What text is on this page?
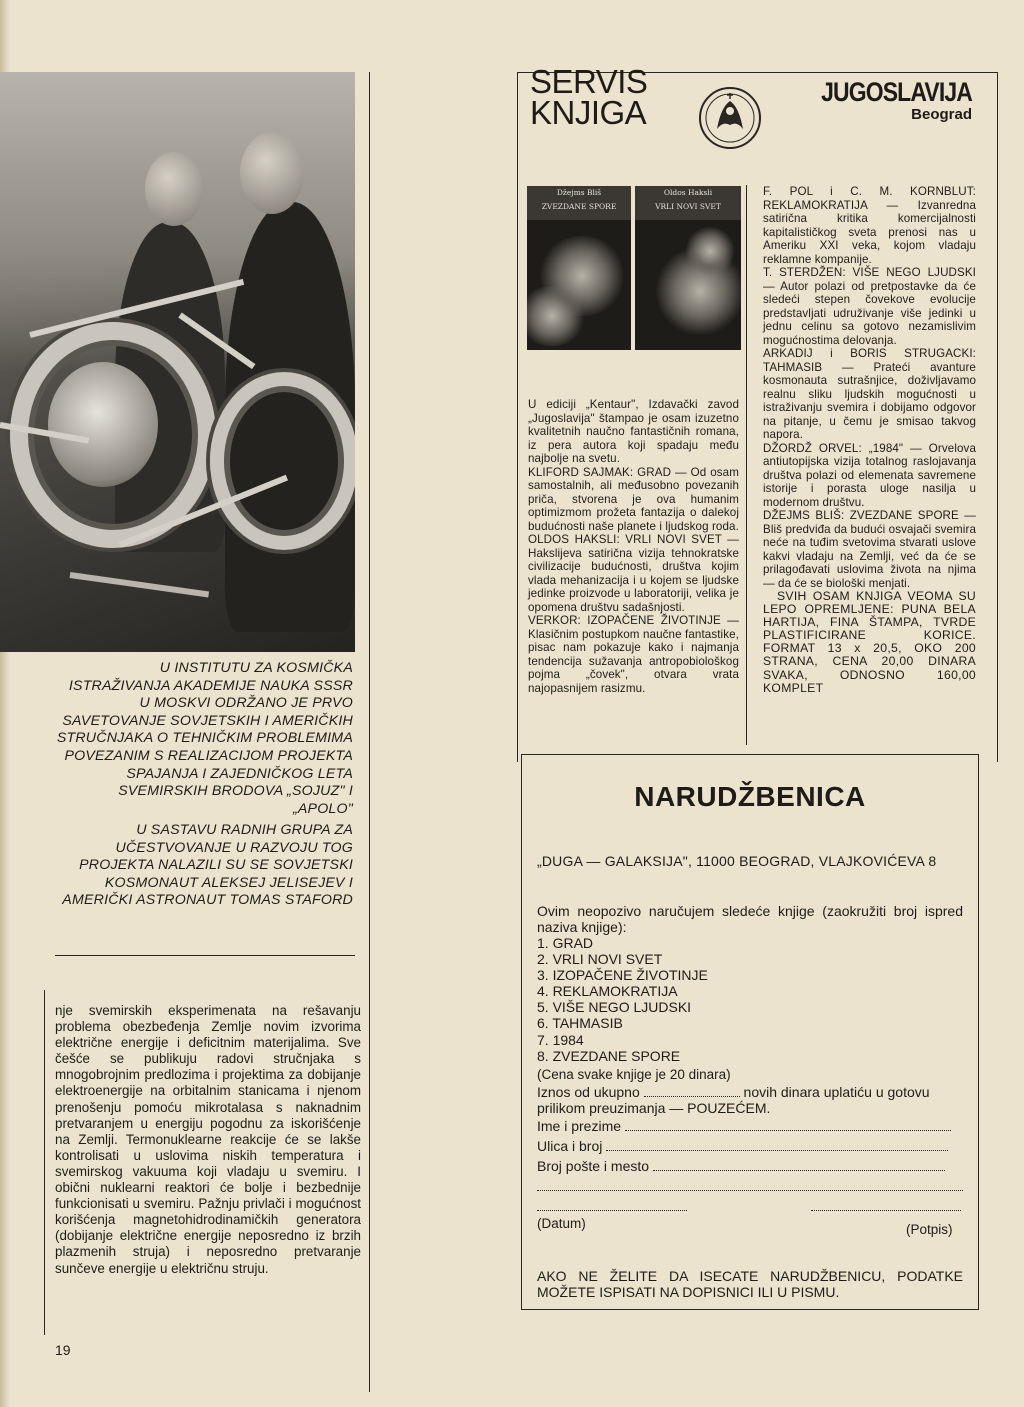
U INSTITUTU ZA KOSMIČKA ISTRAŽIVANJA AKADEMIJE NAUKA SSSR U MOSKVI ODRŽANO JE PRVO SAVETOVANJE SOVJETSKIH I AMERIČKIH STRUČNJAKA O TEHNIČKIM PROBLEMIMA POVEZANIM S REALIZACIJOM PROJEKTA SPAJANJA I ZAJEDNIČKOG LETA SVEMIRSKIH BRODOVA „SOJUZ" I „APOLO"
U SASTAVU RADNIH GRUPA ZA UČESTVOVANJE U RAZVOJU TOG PROJEKTA NALAZILI SU SE SOVJETSKI KOSMONAUT ALEKSEJ JELISEJEV I AMERIČKI ASTRONAUT TOMAS STAFORD
nje svemirskih eksperimenata na rešavanju problema obezbeđenja Zemlje novim izvorima električne energije i deficitnim materijalima. Sve češće se publikuju radovi stručnjaka s mnogobrojnim predlozima i projektima za dobijanje elektroenergije na orbitalnim stanicama i njenom prenošenju pomoću mikrotalasa s naknadnim pretvaranjem u energiju pogodnu za iskorišćenje na Zemlji. Termonuklearne reakcije će se lakše kontrolisati u uslovima niskih temperatura i svemirskog vakuuma koji vladaju u svemiru. I obični nuklearni reaktori će bolje i bezbednije funkcionisati u svemiru. Pažnju privlači i mogućnost korišćenja magnetohidrodinamičkih generatora (dobijanje električne energije neposredno iz brzih plazmenih struja) i neposredno pretvaranje sunčeve energije u električnu struju.
19
SERVIS
KNJIGA
JUGOSLAVIJA
Beograd
Džejms Bliš
ZVEZDANE SPORE
Oldos Haksli
VRLI NOVI SVET

U ediciji „Kentaur", Izdavački zavod „Jugoslavija" štampao je osam izuzetno kvalitetnih naučno fantastičnih romana, iz pera autora koji spadaju među najbolje na svetu.

KLIFORD SAJMAK: GRAD — Od osam samostalnih, ali međusobno povezanih priča, stvorena je ova humanim optimizmom prožeta fantazija o dalekoj budućnosti naše planete i ljudskog roda.

OLDOS HAKSLI: VRLI NOVI SVET — Hakslijeva satirična vizija tehnokratske civilizacije budućnosti, društva kojim vlada mehanizacija i u kojem se ljudske jedinke proizvode u laboratoriji, velika je opomena društvu sadašnjosti.

VERKOR: IZOPAČENE ŽIVOTINJE — Klasičnim postupkom naučne fantastike, pisac nam pokazuje kako i najmanja tendencija sužavanja antropobiološkog pojma „čovek", otvara vrata najopasnijem rasizmu.

F. POL i C. M. KORNBLUT: REKLAMOKRATIJA — Izvanredna satirična kritika komercijalnosti kapitalističkog sveta prenosi nas u Ameriku XXI veka, kojom vladaju reklamne kompanije.

T. STERDŽEN: VIŠE NEGO LJUDSKI — Autor polazi od pretpostavke da će sledeći stepen čovekove evolucije predstavljati udruživanje više jedinki u jednu celinu sa gotovo nezamislivim mogućnostima delovanja.

ARKADIJ i BORIS STRUGACKI: TAHMASIB — Prateći avanture kosmonauta sutrašnjice, doživljavamo realnu sliku ljudskih mogućnosti u istraživanju svemira i dobijamo odgovor na pitanje, u čemu je smisao takvog napora.

DŽORDŽ ORVEL: „1984" — Orvelova antiutopijska vizija totalnog raslojavanja društva polazi od elemenata savremene istorije i porasta uloge nasilja u modernom društvu.

DŽEJMS BLIŠ: ZVEZDANE SPORE — Bliš predviđa da budući osvajači svemira neće na tuđim svetovima stvarati uslove kakvi vladaju na Zemlji, već da će se prilagođavati uslovima života na njima — da će se biološki menjati.

SVIH OSAM KNJIGA VEOMA SU LEPO OPREMLJENE: PUNA BELA HARTIJA, FINA ŠTAMPA, TVRDE PLASTIFICIRANE KORICE. FORMAT 13 x 20,5, OKO 200 STRANA, CENA 20,00 DINARA SVAKA, ODNOSNO 160,00 KOMPLET

NARUDŽBENICA
„DUGA — GALAKSIJA", 11000 BEOGRAD, VLAJKOVIĆEVA 8
Ovim neopozivo naručujem sledeće knjige (zaokružiti broj ispred naziva knjige):
1. GRAD
2. VRLI NOVI SVET
3. IZOPAČENE ŽIVOTINJE
4. REKLAMOKRATIJA
5. VIŠE NEGO LJUDSKI
6. TAHMASIB
7. 1984
8. ZVEZDANE SPORE
(Cena svake knjige je 20 dinara)
Iznos od ukupno	novih dinara uplatiću u gotovu prilikom preuzimanja — POUZEĆEM.
Ime i prezime
Ulica i broj
Broj pošte i mesto

(Datum)	(Potpis)
AKO NE ŽELITE DA ISECATE NARUDŽBENICU, PODATKE MOŽETE ISPISATI NA DOPISNICI ILI U PISMU.
